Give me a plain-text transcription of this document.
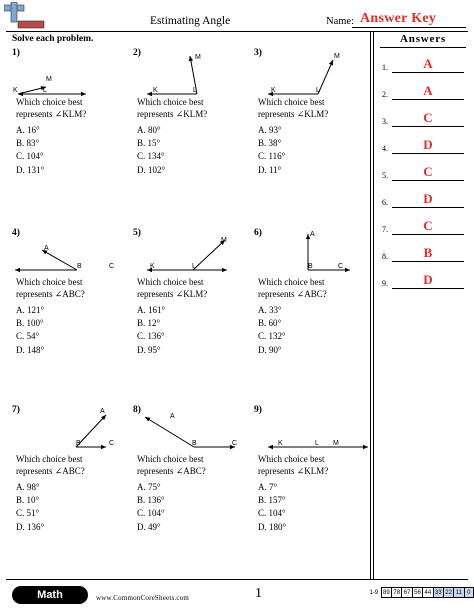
Estimating Angle	Name: Answer Key
Solve each problem.	Answers
1.	A
2.	A
3.	C
4.	D
5.	C
6.	D
7.	C
8.	B
9.	D
1)
K	L
M
Which choice best
represents ∠KLM?
A. 16°
B. 83°
C. 104°
D. 131°
2)
K	L
M
Which choice best
represents ∠KLM?
A. 80°
B. 15°
C. 134°
D. 102°
3)
K	L
M
Which choice best
represents ∠KLM?
A. 93°
B. 38°
C. 116°
D. 11°
4)
A
B	C
Which choice best
represents ∠ABC?
A. 121°
B. 100°
C. 54°
D. 148°
5)
K	L
M
Which choice best
represents ∠KLM?
A. 161°
B. 12°
C. 136°
D. 95°
6)	A
B	C
Which choice best
represents ∠ABC?
A. 33°
B. 60°
C. 132°
D. 90°
7)	A
B	C
Which choice best
represents ∠ABC?
A. 98°
B. 10°
C. 51°
D. 136°
8)
A
B	C
Which choice best
represents ∠ABC?
A. 75°
B. 136°
C. 104°
D. 49°
9)
K	L M
Which choice best
represents ∠KLM?
A. 7°
B. 157°
C. 104°
D. 180°
Math	www.CommonCoreSheets.com	1	1-9	89	78	67	56	44	33	22	11	0
